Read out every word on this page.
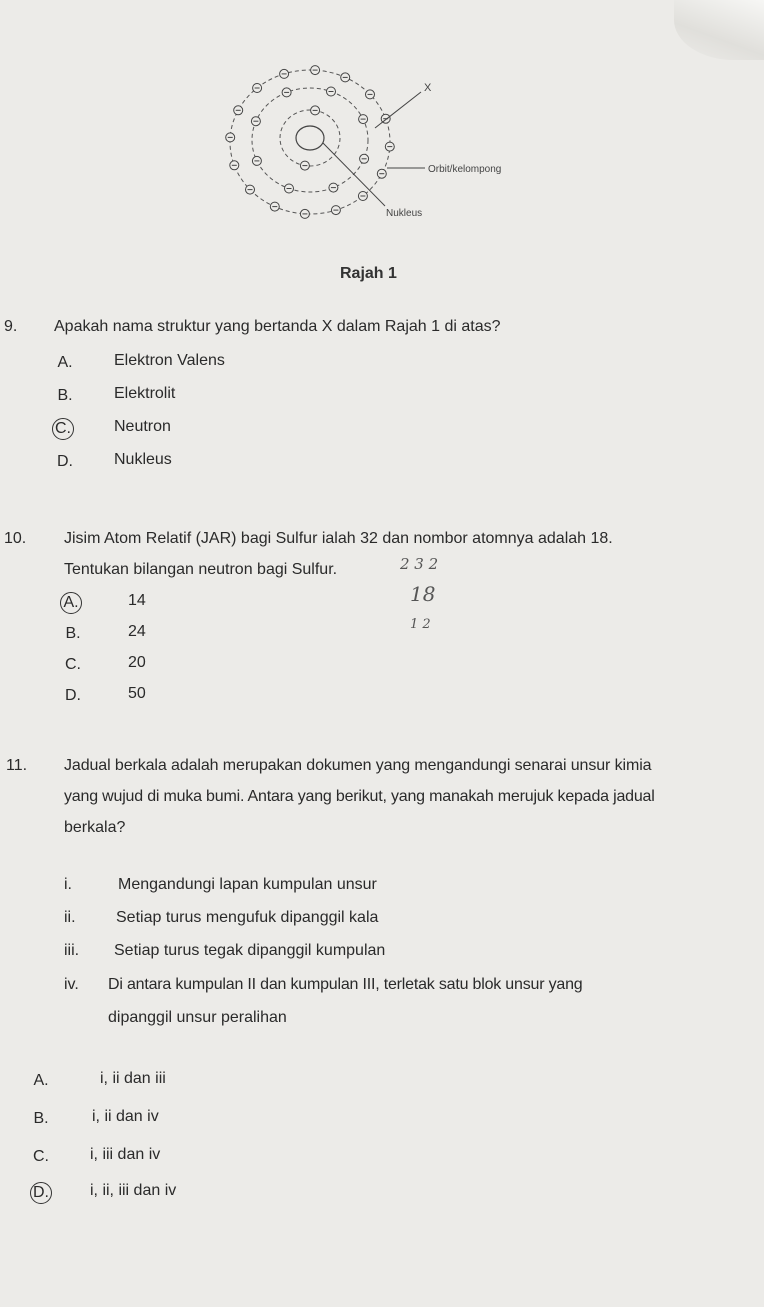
X
Orbit/kelompong
Nukleus
Rajah 1
9. Apakah nama struktur yang bertanda X dalam Rajah 1 di atas?
A.	Elektron Valens
B.	Elektrolit
C.	Neutron
D.	Nukleus
10. Jisim Atom Relatif (JAR) bagi Sulfur ialah 32 dan nombor atomnya adalah 18.
Tentukan bilangan neutron bagi Sulfur.	2 3 2
18
1 2
A.	14
B.	24
C.	20
D.	50
11. Jadual berkala adalah merupakan dokumen yang mengandungi senarai unsur kimia
yang wujud di muka bumi. Antara yang berikut, yang manakah merujuk kepada jadual
berkala?
i.	Mengandungi lapan kumpulan unsur
ii.	Setiap turus mengufuk dipanggil kala
iii. Setiap turus tegak dipanggil kumpulan
iv. Di antara kumpulan II dan kumpulan III, terletak satu blok unsur yang
dipanggil unsur peralihan
A.	i, ii dan iii
B.	i, ii dan iv
C.	i, iii dan iv
D.	i, ii, iii dan iv
